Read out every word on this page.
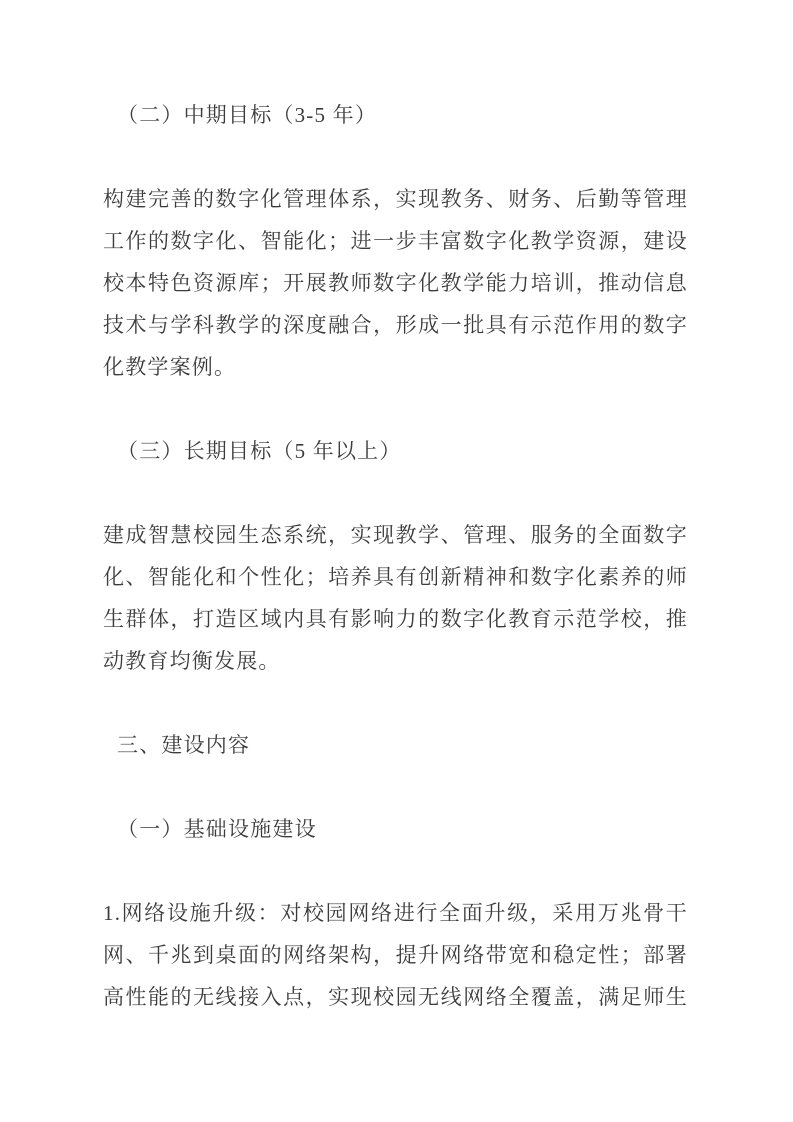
（二）中期目标（3-5 年）
构建完善的数字化管理体系，实现教务、财务、后勤等管理
工作的数字化、智能化；进一步丰富数字化教学资源，建设
校本特色资源库；开展教师数字化教学能力培训，推动信息
技术与学科教学的深度融合，形成一批具有示范作用的数字
化教学案例。
（三）长期目标（5 年以上）
建成智慧校园生态系统，实现教学、管理、服务的全面数字
化、智能化和个性化；培养具有创新精神和数字化素养的师
生群体，打造区域内具有影响力的数字化教育示范学校，推
动教育均衡发展。
三、建设内容
（一）基础设施建设
1.网络设施升级：对校园网络进行全面升级，采用万兆骨干
网、千兆到桌面的网络架构，提升网络带宽和稳定性；部署
高性能的无线接入点，实现校园无线网络全覆盖，满足师生
